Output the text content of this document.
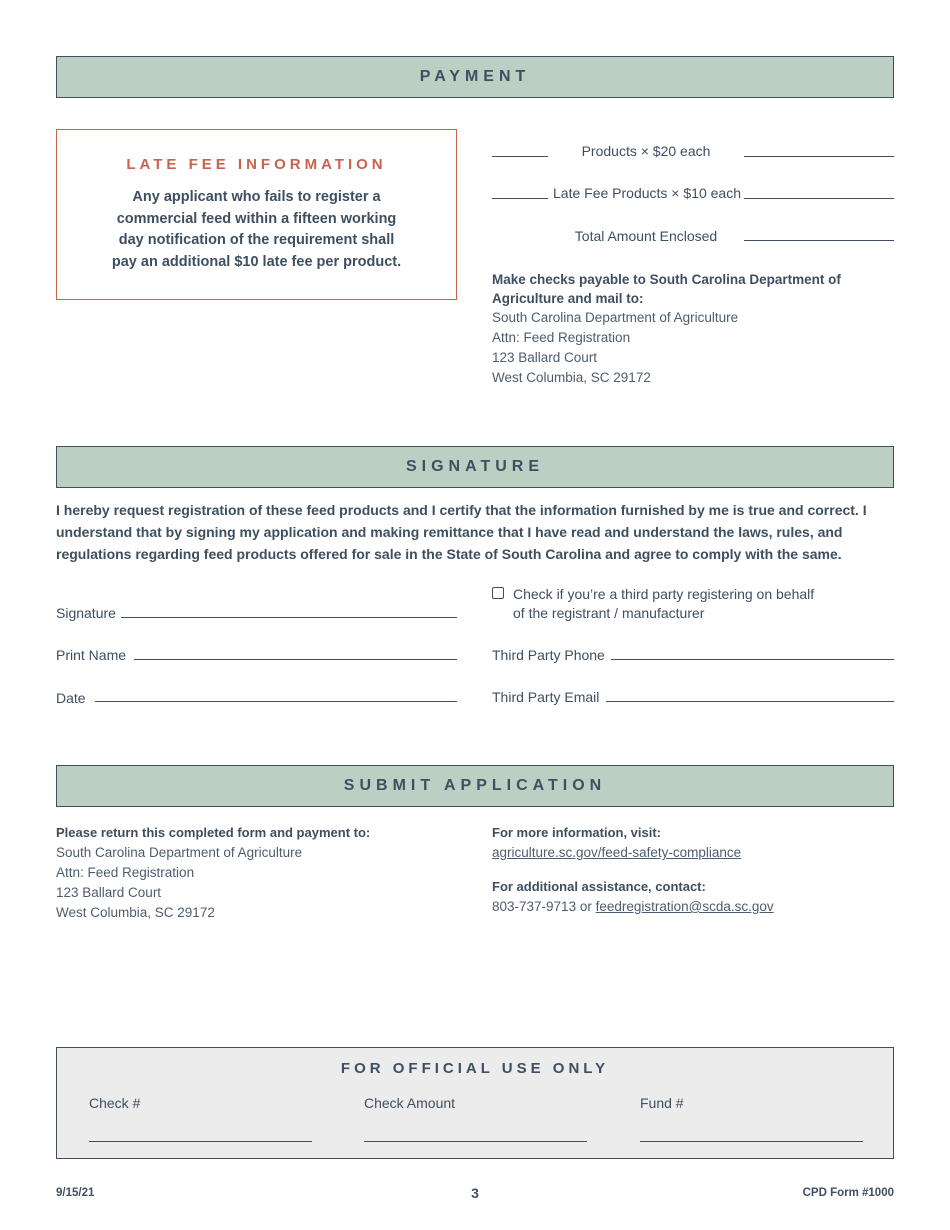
PAYMENT
LATE FEE INFORMATION
Any applicant who fails to register a commercial feed within a fifteen working day notification of the requirement shall pay an additional $10 late fee per product.
Products × $20 each
Late Fee Products × $10 each
Total Amount Enclosed
Make checks payable to South Carolina Department of Agriculture and mail to:
South Carolina Department of Agriculture
Attn: Feed Registration
123 Ballard Court
West Columbia, SC 29172
SIGNATURE
I hereby request registration of these feed products and I certify that the information furnished by me is true and correct. I understand that by signing my application and making remittance that I have read and understand the laws, rules, and regulations regarding feed products offered for sale in the State of South Carolina and agree to comply with the same.
Signature
Print Name
Date
Check if you’re a third party registering on behalf
of the registrant / manufacturer
Third Party Phone
Third Party Email
SUBMIT APPLICATION
Please return this completed form and payment to:
South Carolina Department of Agriculture
Attn: Feed Registration
123 Ballard Court
West Columbia, SC 29172
For more information, visit:
agriculture.sc.gov/feed-safety-compliance
For additional assistance, contact:
803-737-9713 or feedregistration@scda.sc.gov
FOR OFFICIAL USE ONLY
Check #	Check Amount	Fund #
9/15/21	3	CPD Form #1000
